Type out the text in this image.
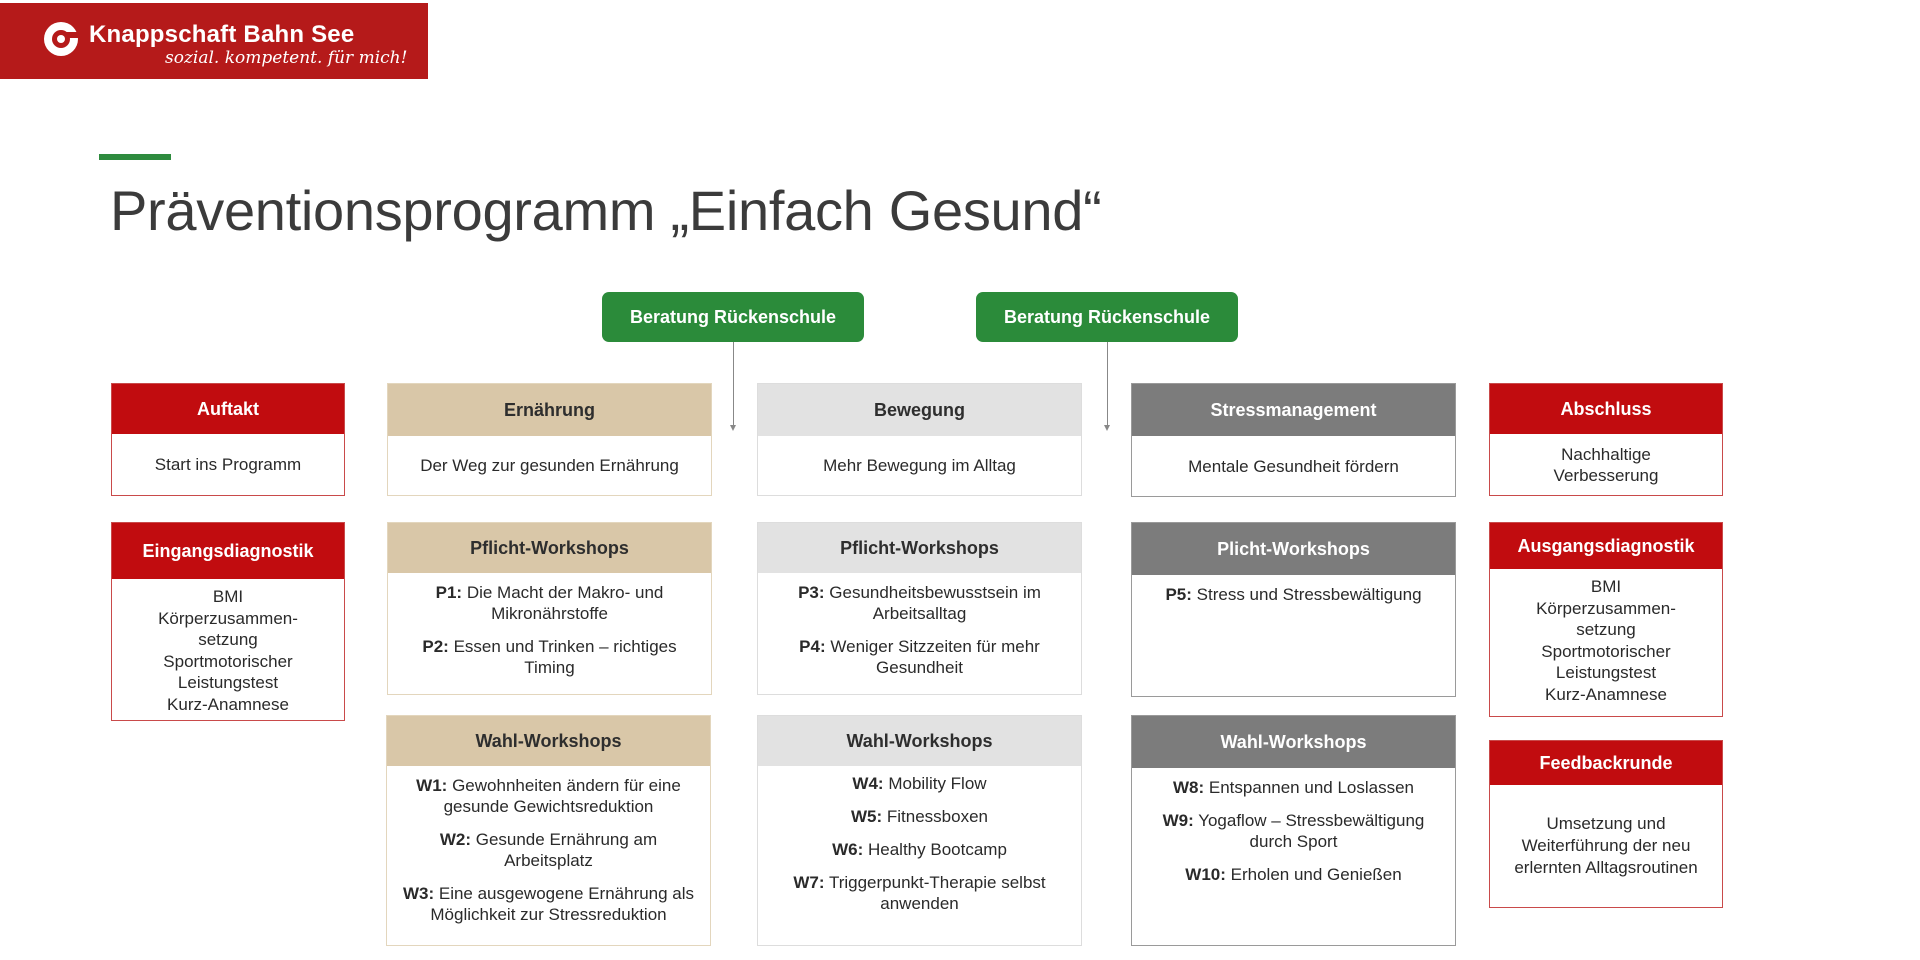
Knappschaft Bahn See
sozial. kompetent. für mich!
Präventionsprogramm „Einfach Gesund“
Beratung Rückenschule	Beratung Rückenschule
Auftakt
Start ins Programm
Eingangsdiagnostik
BMI
Körperzusammen-
setzung
Sportmotorischer
Leistungstest
Kurz-Anamnese
Ernährung
Der Weg zur gesunden Ernährung
Pflicht-Workshops
P1: Die Macht der Makro- und Mikronährstoffe
P2: Essen und Trinken – richtiges Timing
Wahl-Workshops
W1: Gewohnheiten ändern für eine gesunde Gewichtsreduktion
W2: Gesunde Ernährung am Arbeitsplatz
W3: Eine ausgewogene Ernährung als Möglichkeit zur Stressreduktion
Bewegung
Mehr Bewegung im Alltag
Pflicht-Workshops
P3: Gesundheitsbewusstsein im Arbeitsalltag
P4: Weniger Sitzzeiten für mehr Gesundheit
Wahl-Workshops
W4: Mobility Flow
W5: Fitnessboxen
W6: Healthy Bootcamp
W7: Triggerpunkt-Therapie selbst anwenden
Stressmanagement
Mentale Gesundheit fördern
Plicht-Workshops
P5: Stress und Stressbewältigung
Wahl-Workshops
W8: Entspannen und Loslassen
W9: Yogaflow – Stressbewältigung durch Sport
W10: Erholen und Genießen
Abschluss
Nachhaltige
Verbesserung
Ausgangsdiagnostik
BMI
Körperzusammen-
setzung
Sportmotorischer
Leistungstest
Kurz-Anamnese
Feedbackrunde
Umsetzung und
Weiterführung der neu
erlernten Alltagsroutinen
